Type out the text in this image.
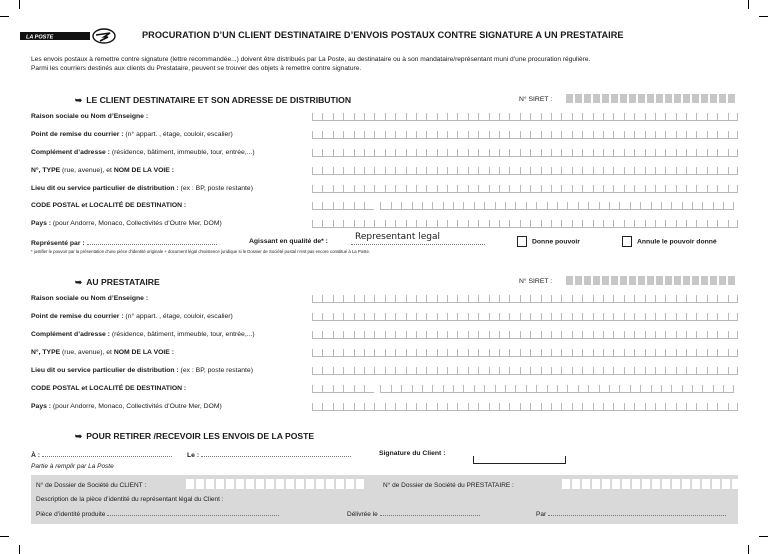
LA POSTE	PROCURATION D’UN CLIENT DESTINATAIRE D’ENVOIS POSTAUX CONTRE SIGNATURE A UN PRESTATAIRE
Les envois postaux à remettre contre signature (lettre recommandée...) doivent être distribués par La Poste, au destinataire ou à son mandataire/représentant muni d’une procuration régulière.
Parmi les courriers destinés aux clients du Prestataire, peuvent se trouver des objets à remettre contre signature.
➥ LE CLIENT DESTINATAIRE ET SON ADRESSE DE DISTRIBUTION	N° SIRET :
Raison sociale ou Nom d’Enseigne :
Point de remise du courrier : (n° appart. , étage, couloir, escalier)
Complément d’adresse : (résidence, bâtiment, immeuble, tour, entrée,...)
N°, TYPE (rue, avenue), et NOM DE LA VOIE :
Lieu dit ou service particulier de distribution : (ex : BP, poste restante)
CODE POSTAL et LOCALITÉ DE DESTINATION :
Pays : (pour Andorre, Monaco, Collectivités d’Outre Mer, DOM)
Représenté par :	Agissant en qualité de* :	Representant legal	Donne pouvoir	Annule le pouvoir donné
* justifier le pouvoir par la présentation d’une pièce d’identité originale + document légal d’existence juridique si le Dossier de Société postal n’est pas encore constitué à La Poste.
➥ AU PRESTATAIRE	N° SIRET :
Raison sociale ou Nom d’Enseigne :
Point de remise du courrier : (n° appart. , étage, couloir, escalier)
Complément d’adresse : (résidence, bâtiment, immeuble, tour, entrée,...)
N°, TYPE (rue, avenue), et NOM DE LA VOIE :
Lieu dit ou service particulier de distribution : (ex : BP, poste restante)
CODE POSTAL et LOCALITÉ DE DESTINATION :
Pays : (pour Andorre, Monaco, Collectivités d’Outre Mer, DOM)
➥ POUR RETIRER /RECEVOIR LES ENVOIS DE LA POSTE
À :	Le :	Signature du Client :
Partie à remplir par La Poste
N° de Dossier de Société du CLIENT :	N° de Dossier de Société du PRESTATAIRE :
Description de la pièce d’identité du représentant légal du Client :
Pièce d’identité produite	Délivrée le	Par
